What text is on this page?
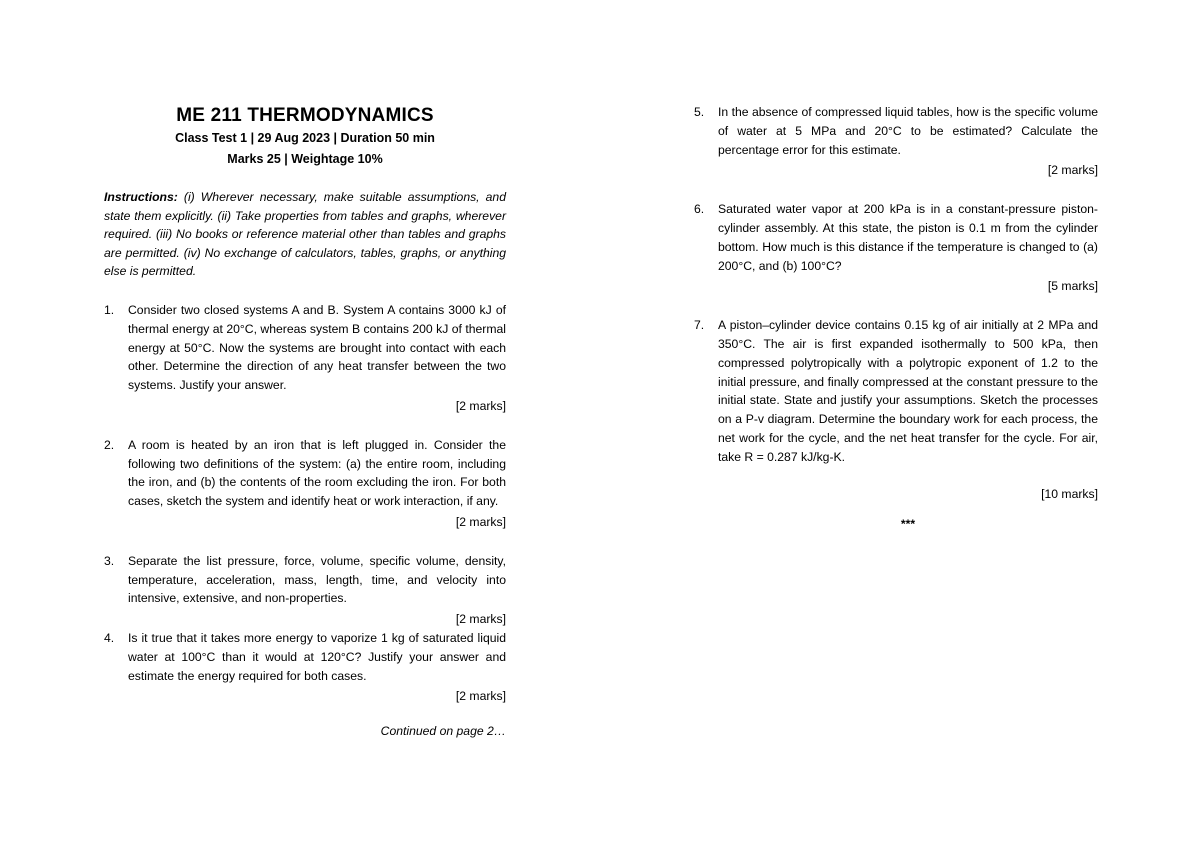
ME 211 THERMODYNAMICS
Class Test 1 | 29 Aug 2023 | Duration 50 min
Marks 25 | Weightage 10%
Instructions: (i) Wherever necessary, make suitable assumptions, and state them explicitly. (ii) Take properties from tables and graphs, wherever required. (iii) No books or reference material other than tables and graphs are permitted. (iv) No exchange of calculators, tables, graphs, or anything else is permitted.
1. Consider two closed systems A and B. System A contains 3000 kJ of thermal energy at 20°C, whereas system B contains 200 kJ of thermal energy at 50°C. Now the systems are brought into contact with each other. Determine the direction of any heat transfer between the two systems. Justify your answer.
[2 marks]
2. A room is heated by an iron that is left plugged in. Consider the following two definitions of the system: (a) the entire room, including the iron, and (b) the contents of the room excluding the iron. For both cases, sketch the system and identify heat or work interaction, if any.
[2 marks]
3. Separate the list pressure, force, volume, specific volume, density, temperature, acceleration, mass, length, time, and velocity into intensive, extensive, and non-properties.
[2 marks]
4. Is it true that it takes more energy to vaporize 1 kg of saturated liquid water at 100°C than it would at 120°C? Justify your answer and estimate the energy required for both cases.
[2 marks]
Continued on page 2…
5. In the absence of compressed liquid tables, how is the specific volume of water at 5 MPa and 20°C to be estimated? Calculate the percentage error for this estimate.
[2 marks]
6. Saturated water vapor at 200 kPa is in a constant-pressure piston-cylinder assembly. At this state, the piston is 0.1 m from the cylinder bottom. How much is this distance if the temperature is changed to (a) 200°C, and (b) 100°C?
[5 marks]
7. A piston–cylinder device contains 0.15 kg of air initially at 2 MPa and 350°C. The air is first expanded isothermally to 500 kPa, then compressed polytropically with a polytropic exponent of 1.2 to the initial pressure, and finally compressed at the constant pressure to the initial state. State and justify your assumptions. Sketch the processes on a P-v diagram. Determine the boundary work for each process, the net work for the cycle, and the net heat transfer for the cycle. For air, take R = 0.287 kJ/kg-K.
[10 marks]
***
